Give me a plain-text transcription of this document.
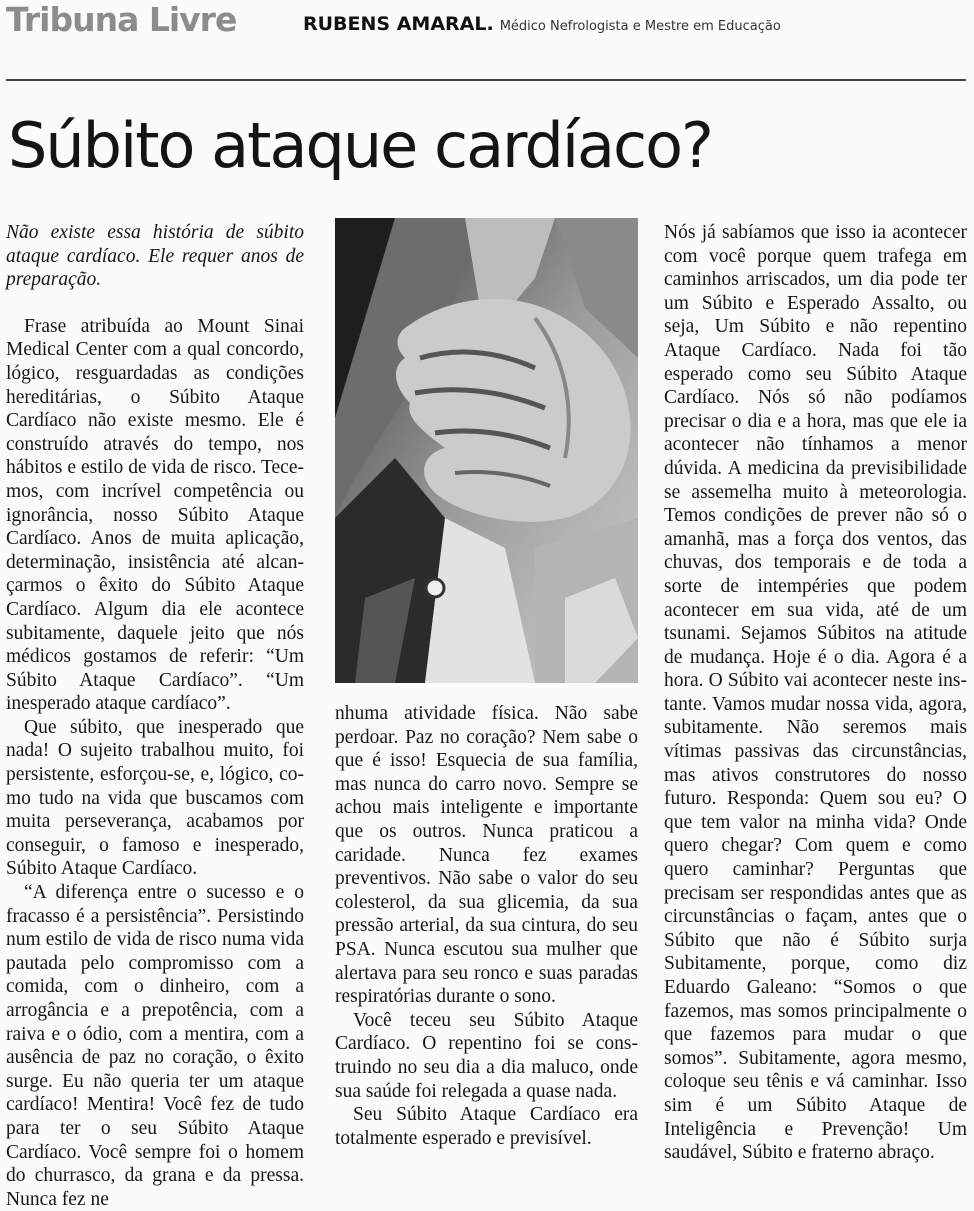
Tribuna Livre	RUBENS AMARAL. Médico Nefrologista e Mestre em Educação
Súbito ataque cardíaco?

Não existe essa história de súbito ataque cardíaco. Ele requer anos de preparação.

Frase atribuída ao Mount Sinai Medical Center com a qual concordo, lógico, resguardadas as condições hereditárias, o Súbito Ataque Cardíaco não existe mesmo. Ele é construído através do tempo, nos hábitos e estilo de vida de risco. Tecemos, com incrível competência ou ignorância, nosso Súbito Ataque Cardíaco. Anos de muita aplicação, determinação, insistência até alcançarmos o êxito do Súbito Ataque Cardíaco. Algum dia ele acontece subitamente, daquele jeito que nós médicos gostamos de referir: “Um Súbito Ataque Cardíaco”. “Um inesperado ataque cardíaco”.

Que súbito, que inesperado que nada! O sujeito trabalhou muito, foi persistente, esforçou-se, e, lógico, como tudo na vida que buscamos com muita perseverança, acabamos por conseguir, o famoso e inesperado, Súbito Ataque Cardíaco.

“A diferença entre o sucesso e o fracasso é a persistência”. Persistindo num estilo de vida de risco numa vida pautada pelo compromisso com a comida, com o dinheiro, com a arrogância e a prepotência, com a raiva e o ódio, com a mentira, com a ausência de paz no coração, o êxito surge. Eu não queria ter um ataque cardíaco! Mentira! Você fez de tudo para ter o seu Súbito Ataque Cardíaco. Você sempre foi o homem do churrasco, da grana e da pressa. Nunca fez ne

nhuma atividade física. Não sabe perdoar. Paz no coração? Nem sabe o que é isso! Esquecia de sua família, mas nunca do carro novo. Sempre se achou mais inteligente e importante que os outros. Nunca praticou a caridade. Nunca fez exames preventivos. Não sabe o valor do seu colesterol, da sua glicemia, da sua pressão arterial, da sua cintura, do seu PSA. Nunca escutou sua mulher que alertava para seu ronco e suas paradas respiratórias durante o sono.

Você teceu seu Súbito Ataque Cardíaco. O repentino foi se construindo no seu dia a dia maluco, onde sua saúde foi relegada a quase nada.

Seu Súbito Ataque Cardíaco era totalmente esperado e previsível.

Nós já sabíamos que isso ia acontecer com você porque quem trafega em caminhos arriscados, um dia pode ter um Súbito e Esperado Assalto, ou seja, Um Súbito e não repentino Ataque Cardíaco. Nada foi tão esperado como seu Súbito Ataque Cardíaco. Nós só não podíamos precisar o dia e a hora, mas que ele ia acontecer não tínhamos a menor dúvida. A medicina da previsibilidade se assemelha muito à meteorologia. Temos condições de prever não só o amanhã, mas a força dos ventos, das chuvas, dos temporais e de toda a sorte de intempéries que podem acontecer em sua vida, até de um tsunami. Sejamos Súbitos na atitude de mudança. Hoje é o dia. Agora é a hora. O Súbito vai acontecer neste instante. Vamos mudar nossa vida, agora, subitamente. Não seremos mais vítimas passivas das circunstâncias, mas ativos construtores do nosso futuro. Responda: Quem sou eu? O que tem valor na minha vida? Onde quero chegar? Com quem e como quero caminhar? Perguntas que precisam ser respondidas antes que as circunstâncias o façam, antes que o Súbito que não é Súbito surja Subitamente, porque, como diz Eduardo Galeano: “Somos o que fazemos, mas somos principalmente o que fazemos para mudar o que somos”. Subitamente, agora mesmo, coloque seu tênis e vá caminhar. Isso sim é um Súbito Ataque de Inteligência e Prevenção! Um saudável, Súbito e fraterno abraço.
